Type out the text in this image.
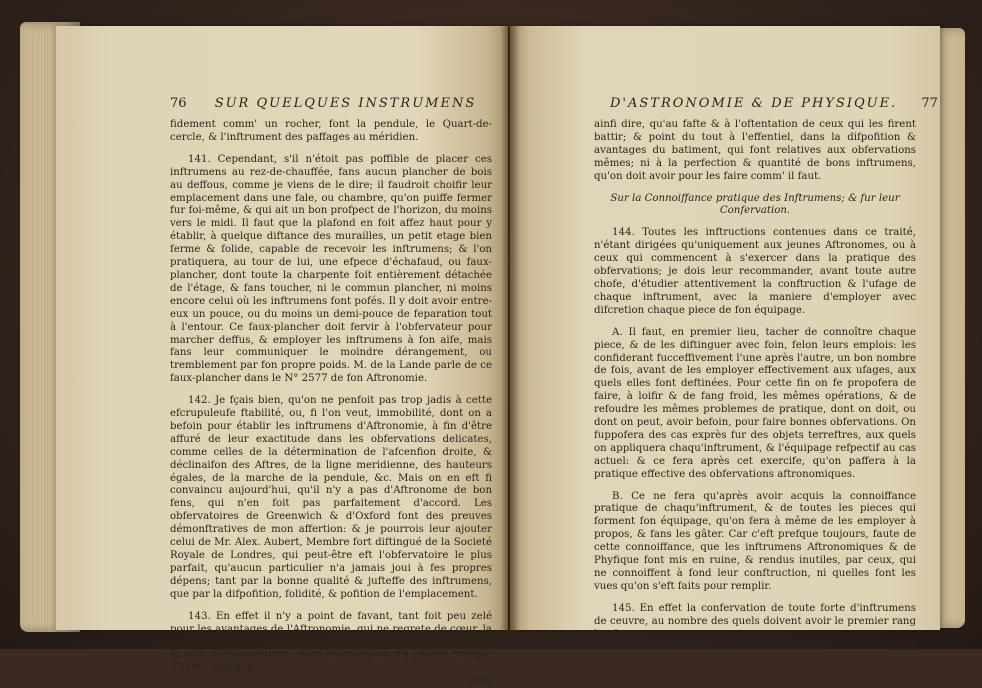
76 SUR QUELQUES INSTRUMENS

fidement comm' un rocher, font la pendule, le Quart-de-cercle, & l'inftrument des paffages au méridien.

141. Cependant, s'il n'étoit pas poffible de placer ces inftrumens au rez-de-chauffée, fans aucun plancher de bois au deffous, comme je viens de le dire; il faudroit choifir leur emplacement dans une fale, ou chambre, qu'on puiffe fermer fur foi-même, & qui ait un bon profpect de l'horizon, du moins vers le midi. Il faut que la plafond en foit affez haut pour y établir, à quelque diftance des murailles, un petit etage bien ferme & folide, capable de recevoir les inftrumens; & l'on pratiquera, au tour de lui, une efpece d'échafaud, ou faux-plancher, dont toute la charpente foit entièrement détachée de l'étage, & fans toucher, ni le commun plancher, ni moins encore celui où les inftrumens font pofés. Il y doit avoir entre-eux un pouce, ou du moins un demi-pouce de feparation tout à l'entour. Ce faux-plancher doit fervir à l'obfervateur pour marcher deffus, & employer les inftrumens à fon aife, mais fans leur communiquer le moindre dérangement, ou tremblement par fon propre poids. M. de la Lande parle de ce faux-plancher dans le N° 2577 de fon Aftronomie.

142. Je fçais bien, qu'on ne penfoit pas trop jadis à cette efcrupuleufe ftabilité, ou, fi l'on veut, immobilité, dont on a befoin pour établir les inftrumens d'Aftronomie, à fin d'être affuré de leur exactitude dans les obfervations delicates, comme celles de la détermination de l'afcenfion droite, & déclinaifon des Aftres, de la ligne meridienne, des hauteurs égales, de la marche de la pendule, &c. Mais on en eft fi convaincu aujourd'hui, qu'il n'y a pas d'Aftronome de bon fens, qui n'en foit pas parfaitement d'accord. Les obfervatoires de Greenwich & d'Oxford font des preuves démonftratives de mon affertion: & je pourrois leur ajouter celui de Mr. Alex. Aubert, Membre fort diftingué de la Societé Royale de Londres, qui peut-être eft l'obfervatoire le plus parfait, qu'aucun particulier n'a jamais joui à fes propres dépens; tant par la bonne qualité & jufteffe des inftrumens, que par la difpofition, folidité, & pofition de l'emplacement.

143. En effet il n'y a point de favant, tant foit peu zelé pour les avantages de l'Aftronomie, qui ne regrete de cœur, la grande dépenfe qu'on a fait avec des batimens fuperbes, fous le nom d'Obfervatoires, dans les quels on n'a pas en prefque d'autre égard, pour

ainfi

D'ASTRONOMIE & DE PHYSIQUE. 77

ainfi dire, qu'au fafte & à l'oftentation de ceux qui les firent battir; & point du tout à l'effentiel, dans la difpofition & avantages du batiment, qui font relatives aux obfervations mêmes; ni à la perfection & quantité de bons inftrumens, qu'on doit avoir pour les faire comm' il faut.

Sur la Connoiffance pratique des Inftrumens; & fur leur Confervation.

144. Toutes les inftructions contenues dans ce traité, n'étant dirigées qu'uniquement aux jeunes Aftronomes, ou à ceux qui commencent à s'exercer dans la pratique des obfervations; je dois leur recommander, avant toute autre chofe, d'étudier attentivement la conftruction & l'ufage de chaque inftrument, avec la maniere d'employer avec difcretion chaque piece de fon équipage.

A. Il faut, en premier lieu, tacher de connoître chaque piece, & de les diftinguer avec foin, felon leurs emplois: les confiderant fucceffivement l'une après l'autre, un bon nombre de fois, avant de les employer effectivement aux ufages, aux quels elles font deftinées. Pour cette fin on fe propofera de faire, à loifir & de fang froid, les mêmes opérations, & de refoudre les mêmes problemes de pratique, dont on doit, ou dont on peut, avoir befoin, pour faire bonnes obfervations. On fuppofera des cas exprès fur des objets terreftres, aux quels on appliquera chaqu'inftrument, & l'équipage refpectif au cas actuel: & ce fera après cet exercife, qu'on paffera à la pratique effective des obfervations aftronomiques.

B. Ce ne fera qu'après avoir acquis la connoiffance pratique de chaqu'inftrument, & de toutes les pieces qui forment fon équipage, qu'on fera à même de les employer à propos, & fans les gâter. Car c'eft prefque toujours, faute de cette connoiffance, que les inftrumens Aftronomiques & de Phyfique font mis en ruine, & rendus inutiles, par ceux, qui ne connoiffent à fond leur conftruction, ni quelles font les vues qu'on s'eft faits pour remplir.

145. En effet la confervation de toute forte d'inftrumens de ceuvre, au nombre des quels doivent avoir le premier rang les Qua-

drans
